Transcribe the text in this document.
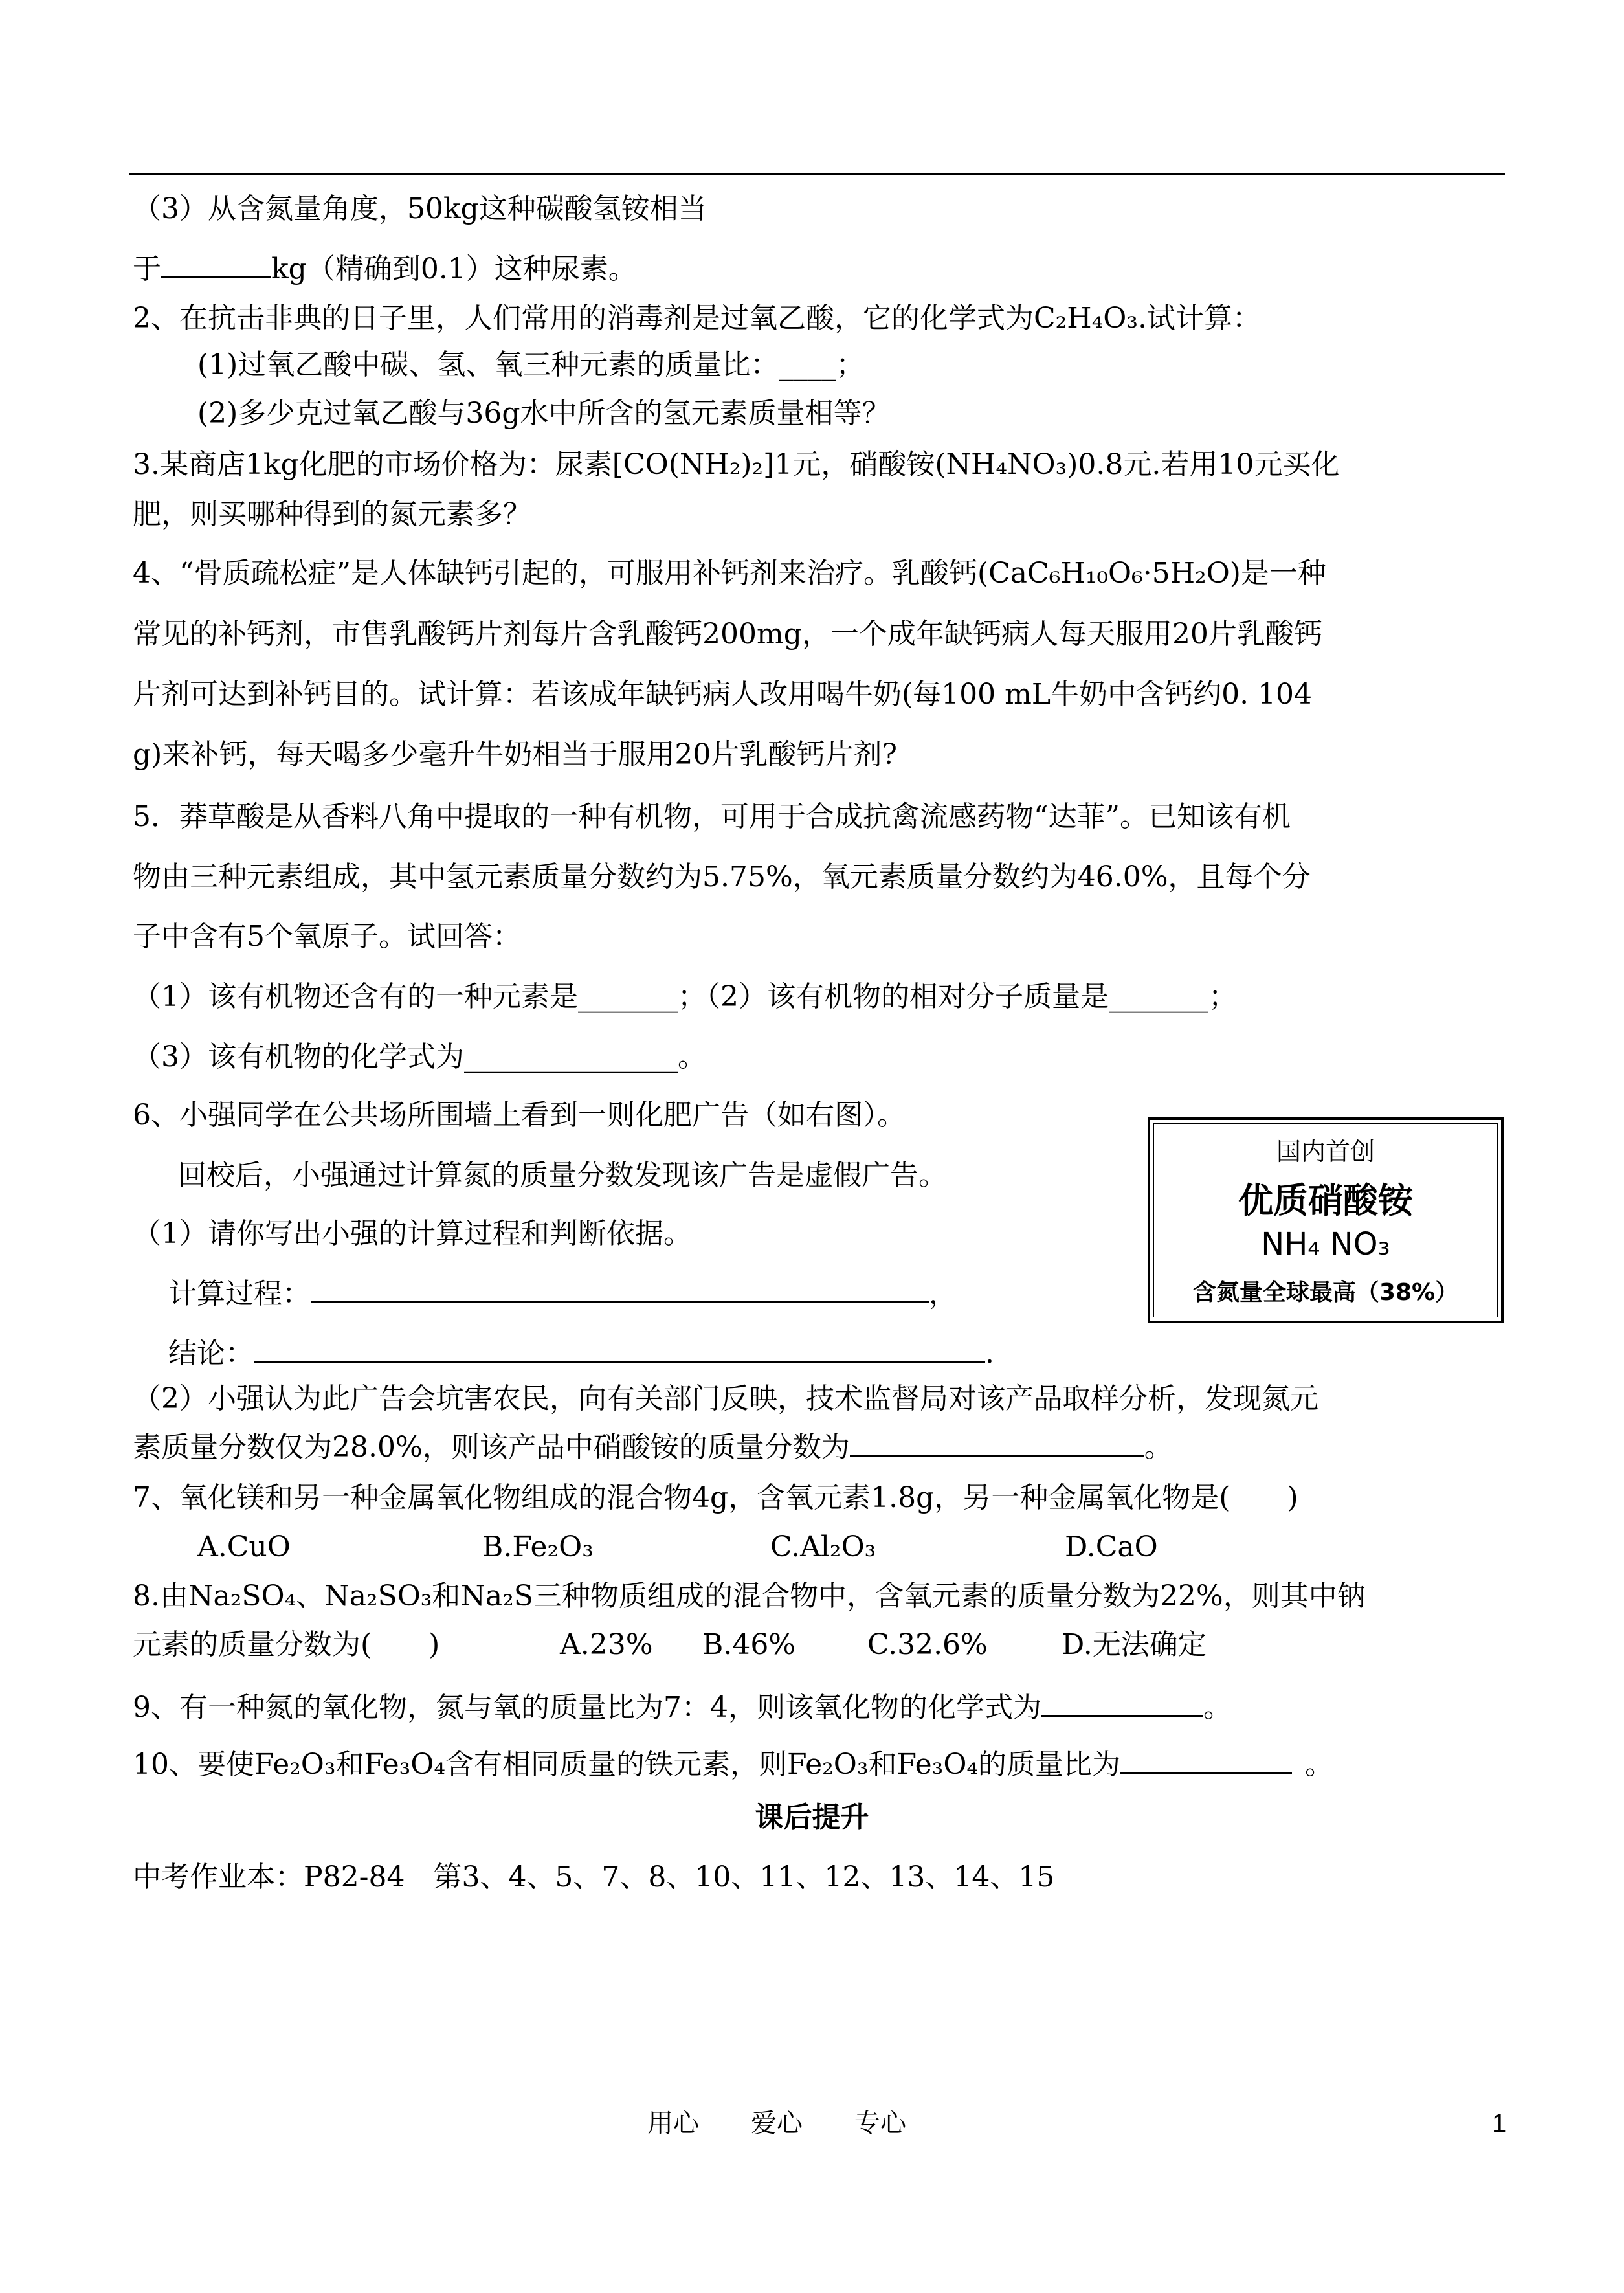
（3）从含氮量角度，50kg这种碳酸氢铵相当
于	kg（精确到0.1）这种尿素。
2、在抗击非典的日子里，人们常用的消毒剂是过氧乙酸，它的化学式为C₂H₄O₃.试计算：
(1)过氧乙酸中碳、氢、氧三种元素的质量比：____；
(2)多少克过氧乙酸与36g水中所含的氢元素质量相等？
3.某商店1kg化肥的市场价格为：尿素[CO(NH₂)₂]1元，硝酸铵(NH₄NO₃)0.8元.若用10元买化
肥，则买哪种得到的氮元素多？
4、“骨质疏松症”是人体缺钙引起的，可服用补钙剂来治疗。乳酸钙(CaC₆H₁₀O₆·5H₂O)是一种
常见的补钙剂，市售乳酸钙片剂每片含乳酸钙200mg，一个成年缺钙病人每天服用20片乳酸钙
片剂可达到补钙目的。试计算：若该成年缺钙病人改用喝牛奶(每100 mL牛奶中含钙约0. 104
g)来补钙，每天喝多少毫升牛奶相当于服用20片乳酸钙片剂?
5．莽草酸是从香料八角中提取的一种有机物，可用于合成抗禽流感药物“达菲”。已知该有机
物由三种元素组成，其中氢元素质量分数约为5.75%，氧元素质量分数约为46.0%，且每个分
子中含有5个氧原子。试回答：
（1）该有机物还含有的一种元素是_______；（2）该有机物的相对分子质量是_______；
（3）该有机物的化学式为_______________。
6、小强同学在公共场所围墙上看到一则化肥广告（如右图）。
回校后，小强通过计算氮的质量分数发现该广告是虚假广告。
（1）请你写出小强的计算过程和判断依据。
计算过程：	，
结论：	.
（2）小强认为此广告会坑害农民，向有关部门反映，技术监督局对该产品取样分析，发现氮元
素质量分数仅为28.0%，则该产品中硝酸铵的质量分数为	。
国内首创
优质硝酸铵
NH₄ NO₃
含氮量全球最高（38%）
7、氧化镁和另一种金属氧化物组成的混合物4g，含氧元素1.8g，另一种金属氧化物是(　　)
A.CuO	B.Fe₂O₃	C.Al₂O₃	D.CaO
8.由Na₂SO₄、Na₂SO₃和Na₂S三种物质组成的混合物中，含氧元素的质量分数为22%，则其中钠
元素的质量分数为(　　)	A.23% B.46%	C.32.6%	D.无法确定
9、有一种氮的氧化物，氮与氧的质量比为7：4，则该氧化物的化学式为	。
10、要使Fe₂O₃和Fe₃O₄含有相同质量的铁元素，则Fe₂O₃和Fe₃O₄的质量比为	。
课后提升
中考作业本：P82-84　第3、4、5、7、8、10、11、12、13、14、15
用心　　爱心　　专心	1
